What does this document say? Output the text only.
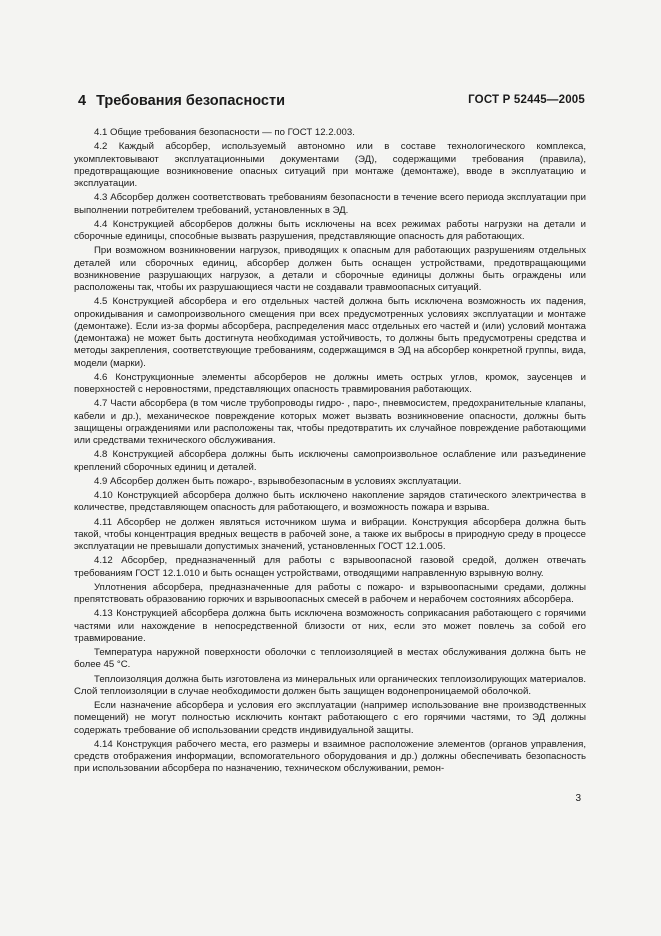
ГОСТ Р 52445—2005
4 Требования безопасности

4.1 Общие требования безопасности — по ГОСТ 12.2.003.

4.2 Каждый абсорбер, используемый автономно или в составе технологического комплекса, укомплектовывают эксплуатационными документами (ЭД), содержащими требования (правила), предотвращающие возникновение опасных ситуаций при монтаже (демонтаже), вводе в эксплуатацию и эксплуатации.

4.3 Абсорбер должен соответствовать требованиям безопасности в течение всего периода эксплуатации при выполнении потребителем требований, установленных в ЭД.

4.4 Конструкцией абсорберов должны быть исключены на всех режимах работы нагрузки на детали и сборочные единицы, способные вызвать разрушения, представляющие опасность для работающих.

При возможном возникновении нагрузок, приводящих к опасным для работающих разрушениям отдельных деталей или сборочных единиц, абсорбер должен быть оснащен устройствами, предотвращающими возникновение разрушающих нагрузок, а детали и сборочные единицы должны быть ограждены или расположены так, чтобы их разрушающиеся части не создавали травмоопасных ситуаций.

4.5 Конструкцией абсорбера и его отдельных частей должна быть исключена возможность их падения, опрокидывания и самопроизвольного смещения при всех предусмотренных условиях эксплуатации и монтаже (демонтаже). Если из-за формы абсорбера, распределения масс отдельных его частей и (или) условий монтажа (демонтажа) не может быть достигнута необходимая устойчивость, то должны быть предусмотрены средства и методы закрепления, соответствующие требованиям, содержащимся в ЭД на абсорбер конкретной группы, вида, модели (марки).

4.6 Конструкционные элементы абсорберов не должны иметь острых углов, кромок, заусенцев и поверхностей с неровностями, представляющих опасность травмирования работающих.

4.7 Части абсорбера (в том числе трубопроводы гидро- , паро-, пневмосистем, предохранительные клапаны, кабели и др.), механическое повреждение которых может вызвать возникновение опасности, должны быть защищены ограждениями или расположены так, чтобы предотвратить их случайное повреждение работающими или средствами технического обслуживания.

4.8 Конструкцией абсорбера должны быть исключены самопроизвольное ослабление или разъединение креплений сборочных единиц и деталей.

4.9 Абсорбер должен быть пожаро-, взрывобезопасным в условиях эксплуатации.

4.10 Конструкцией абсорбера должно быть исключено накопление зарядов статического электричества в количестве, представляющем опасность для работающего, и возможность пожара и взрыва.

4.11 Абсорбер не должен являться источником шума и вибрации. Конструкция абсорбера должна быть такой, чтобы концентрация вредных веществ в рабочей зоне, а также их выбросы в природную среду в процессе эксплуатации не превышали допустимых значений, установленных ГОСТ 12.1.005.

4.12 Абсорбер, предназначенный для работы с взрывоопасной газовой средой, должен отвечать требованиям ГОСТ 12.1.010 и быть оснащен устройствами, отводящими направленную взрывную волну.

Уплотнения абсорбера, предназначенные для работы с пожаро- и взрывоопасными средами, должны препятствовать образованию горючих и взрывоопасных смесей в рабочем и нерабочем состояниях абсорбера.

4.13 Конструкцией абсорбера должна быть исключена возможность соприкасания работающего с горячими частями или нахождение в непосредственной близости от них, если это может повлечь за собой его травмирование.

Температура наружной поверхности оболочки с теплоизоляцией в местах обслуживания должна быть не более 45 °С.

Теплоизоляция должна быть изготовлена из минеральных или органических теплоизолирующих материалов. Слой теплоизоляции в случае необходимости должен быть защищен водонепроницаемой оболочкой.

Если назначение абсорбера и условия его эксплуатации (например использование вне производственных помещений) не могут полностью исключить контакт работающего с его горячими частями, то ЭД должны содержать требование об использовании средств индивидуальной защиты.

4.14 Конструкция рабочего места, его размеры и взаимное расположение элементов (органов управления, средств отображения информации, вспомогательного оборудования и др.) должны обеспечивать безопасность при использовании абсорбера по назначению, техническом обслуживании, ремон-

3
